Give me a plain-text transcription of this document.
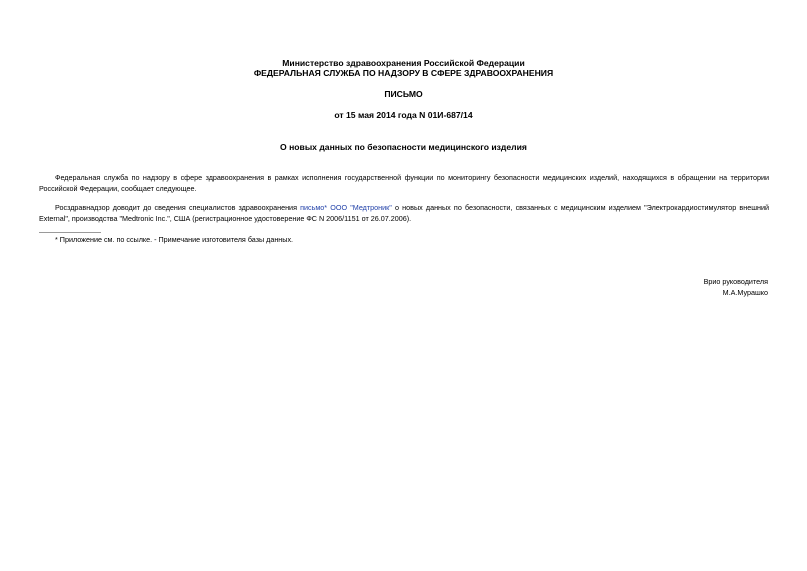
Министерство здравоохранения Российской Федерации
ФЕДЕРАЛЬНАЯ СЛУЖБА ПО НАДЗОРУ В СФЕРЕ ЗДРАВООХРАНЕНИЯ
ПИСЬМО
от 15 мая 2014 года N 01И-687/14
О новых данных по безопасности медицинского изделия
Федеральная служба по надзору в сфере здравоохранения в рамках исполнения государственной функции по мониторингу безопасности медицинских изделий, находящихся в обращении на территории Российской Федерации, сообщает следующее.
Росздравнадзор доводит до сведения специалистов здравоохранения письмо* ООО "Медтроник" о новых данных по безопасности, связанных с медицинским изделием "Электрокардиостимулятор внешний External", производства "Medtronic Inc.", США (регистрационное удостоверение ФС N 2006/1151 от 26.07.2006).
* Приложение см. по ссылке. - Примечание изготовителя базы данных.
Врио руководителя
М.А.Мурашко
